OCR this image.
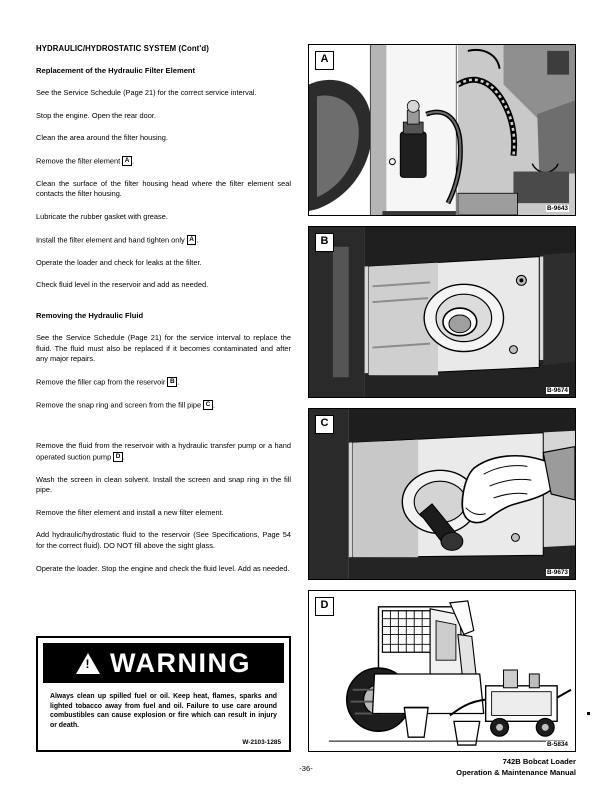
HYDRAULIC/HYDROSTATIC SYSTEM (Cont'd)
Replacement of the Hydraulic Filter Element
See the Service Schedule (Page 21) for the correct service interval.
Stop the engine. Open the rear door.
Clean the area around the filter housing.
Remove the filter element A .
Clean the surface of the filter housing head where the filter element seal contacts the filter housing.
Lubricate the rubber gasket with grease.
Install the filter element and hand tighten only A .
Operate the loader and check for leaks at the filter.
Check fluid level in the reservoir and add as needed.
Removing the Hydraulic Fluid
See the Service Schedule (Page 21) for the service interval to replace the fluid. The fluid must also be replaced if it becomes contaminated and after any major repairs.
Remove the filler cap from the reservoir B .
Remove the snap ring and screen from the fill pipe C .
Remove the fluid from the reservoir with a hydraulic transfer pump or a hand operated suction pump D .
Wash the screen in clean solvent. Install the screen and snap ring in the fill pipe.
Remove the filter element and install a new filter element.
Add hydraulic/hydrostatic fluid to the reservoir (See Specifications, Page 54 for the correct fluid). DO NOT fill above the sight glass.
Operate the loader. Stop the engine and check the fluid level. Add as needed.
!
WARNING
Always clean up spilled fuel or oil. Keep heat, flames, sparks and lighted tobacco away from fuel and oil. Failure to use care around combustibles can cause explosion or fire which can result in injury or death.
W-2103-1285
A
B-9643
B
B-9674
C
B-9673
D
B-5834
-36-
742B Bobcat Loader
Operation & Maintenance Manual
